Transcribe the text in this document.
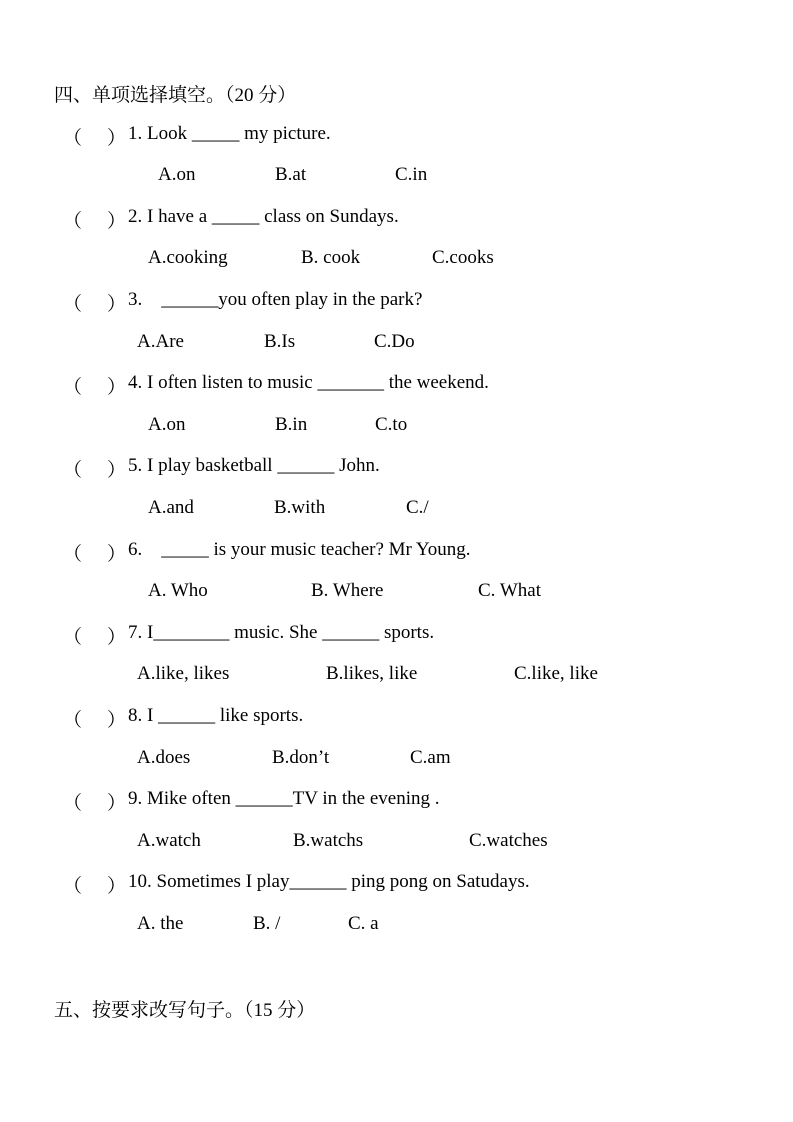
四、单项选择填空。（20 分）
（ ） 1. Look _____ my picture.
A.on	B.at	C.in
（ ） 2. I have a _____ class on Sundays.
A.cooking	B. cook	C.cooks
（ ） 3.    ______you often play in the park?
A.Are	B.Is	C.Do
（ ） 4. I often listen to music _______ the weekend.
A.on	B.in	C.to
（ ） 5. I play basketball ______ John.
A.and	B.with	C./
（ ） 6.    _____ is your music teacher? Mr Young.
A. Who	B. Where	C. What
（ ） 7. I________ music. She ______ sports.
A.like, likes	B.likes, like	C.like, like
（ ） 8. I ______ like sports.
A.does	B.don’t	C.am
（ ） 9. Mike often ______TV in the evening .
A.watch	B.watchs	C.watches
（ ） 10. Sometimes I play______ ping pong on Satudays.
A. the	B. /	C. a
五、按要求改写句子。（15 分）
